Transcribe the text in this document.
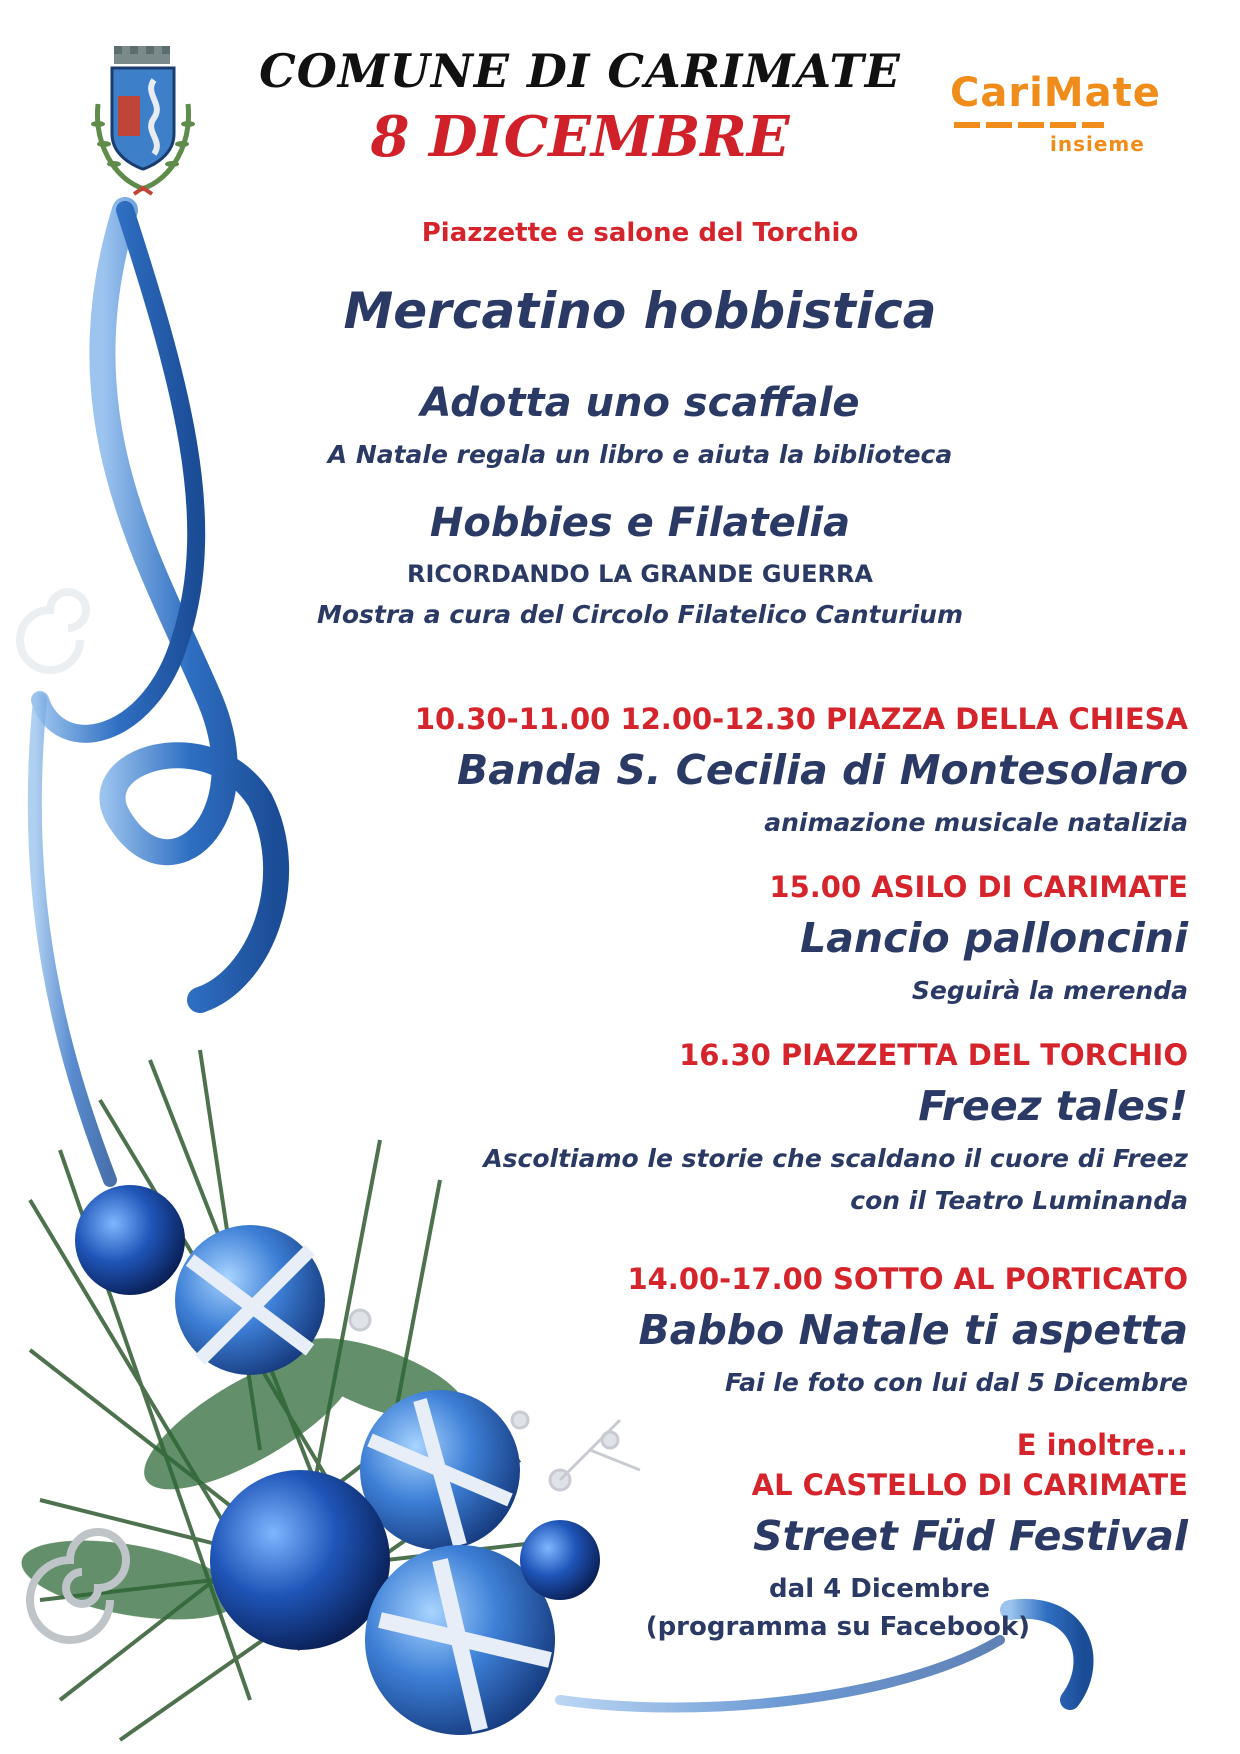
COMUNE DI CARIMATE
8 DICEMBRE
CariMate
insieme
Piazzette e salone del Torchio
Mercatino hobbistica
Adotta uno scaffale
A Natale regala un libro e aiuta la biblioteca
Hobbies e Filatelia
RICORDANDO LA GRANDE GUERRA
Mostra a cura del Circolo Filatelico Canturium
10.30-11.00 12.00-12.30 PIAZZA DELLA CHIESA
Banda S. Cecilia di Montesolaro
animazione musicale natalizia
15.00 ASILO DI CARIMATE
Lancio palloncini
Seguirà la merenda
16.30 PIAZZETTA DEL TORCHIO
Freez tales!
Ascoltiamo le storie che scaldano il cuore di Freez
con il Teatro Luminanda
14.00-17.00 SOTTO AL PORTICATO
Babbo Natale ti aspetta
Fai le foto con lui dal 5 Dicembre
E inoltre...
AL CASTELLO DI CARIMATE
Street Füd Festival
dal 4 Dicembre
(programma su Facebook)
